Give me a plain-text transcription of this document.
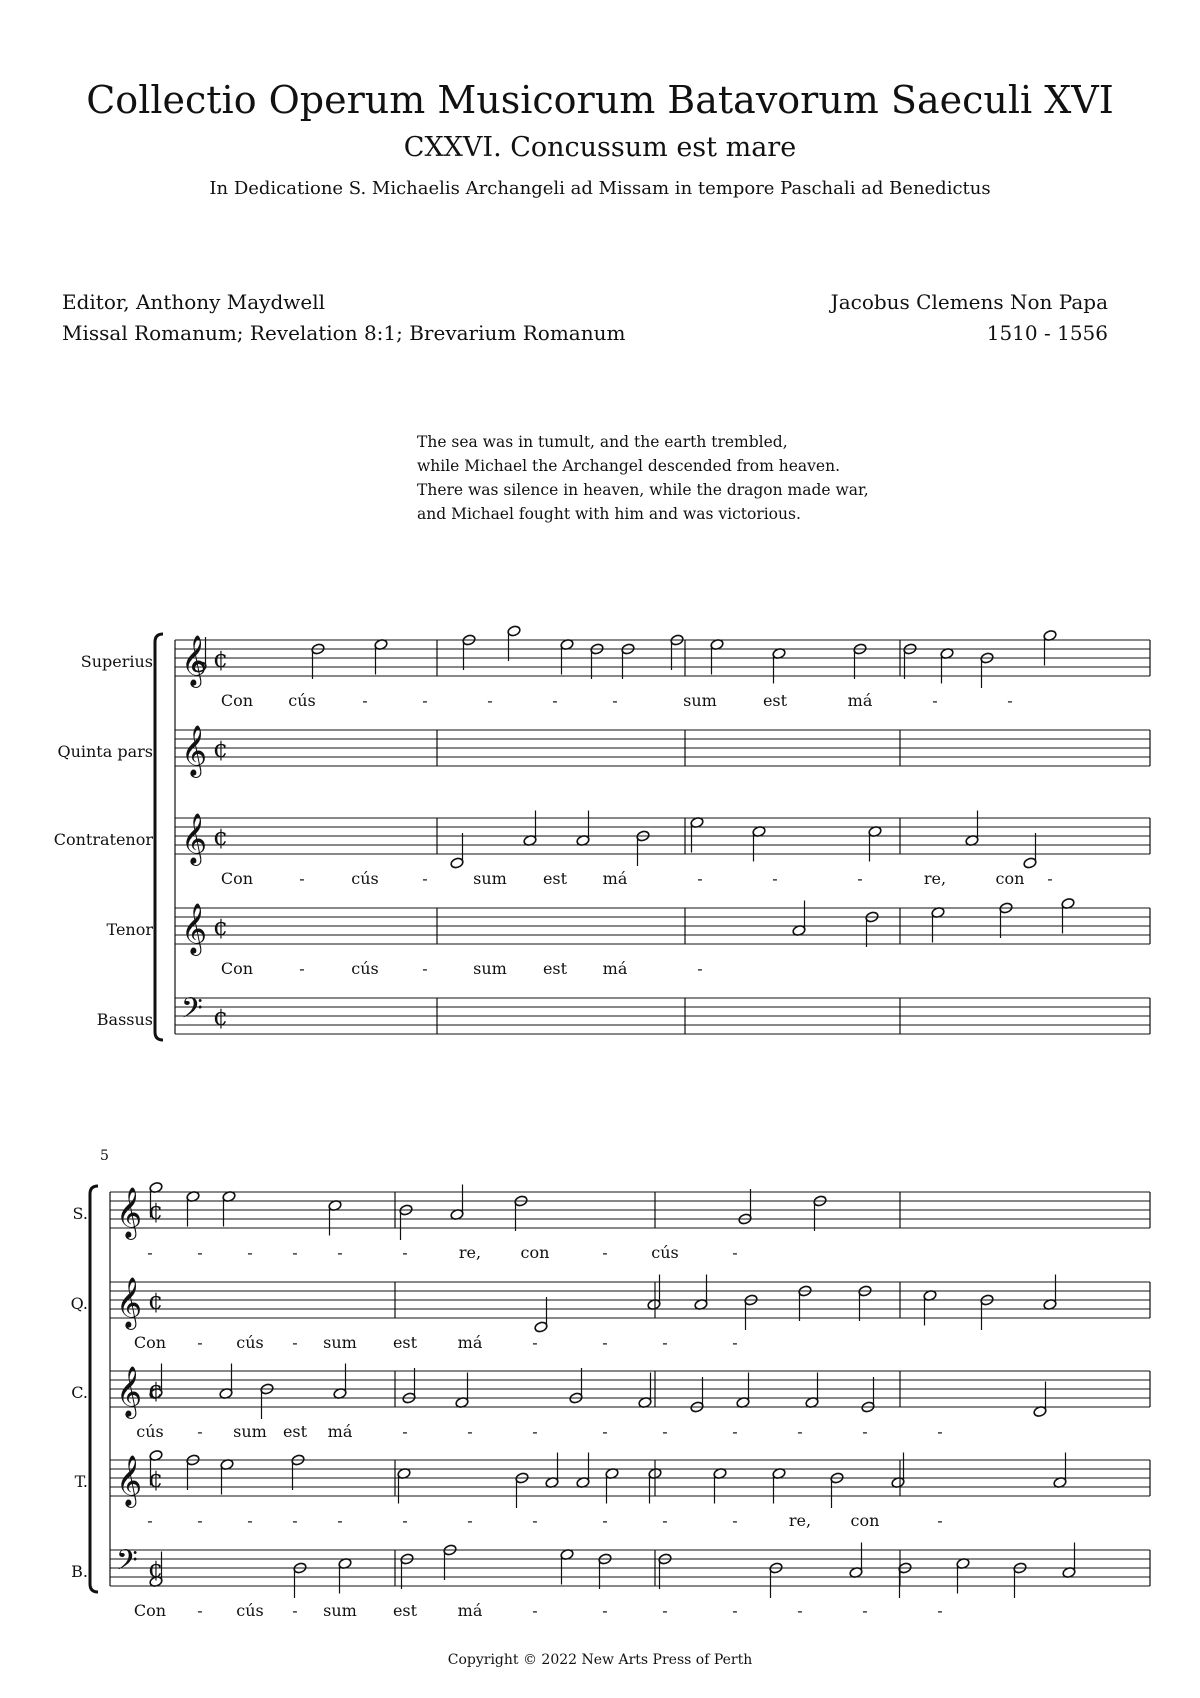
Collectio Operum Musicorum Batavorum Saeculi XVI
CXXVI. Concussum est mare
In Dedicatione S. Michaelis Archangeli ad Missam in tempore Paschali ad Benedictus
Editor, Anthony Maydwell
Missal Romanum; Revelation 8:1; Brevarium Romanum
Jacobus Clemens Non Papa
1510 - 1556
The sea was in tumult, and the earth trembled,
while Michael the Archangel descended from heaven.
There was silence in heaven, while the dragon made war,
and Michael fought with him and was victorious.
Superius 𝄞 ¢
Con cús	-	-	-	-	-	sum	est	má	-	-
Quinta pars 𝄞 ¢
Contratenor 𝄞 ¢
Con	-	cús	-	sum est má	-	-	-	re,	con -
Tenor 𝄞 ¢
Con	-	cús	-	sum est má	-
Bassus 𝄢 ¢
5
S. 𝄞 ¢
-	-	- - -	-	re, con	-	cús	-
Q. 𝄞 ¢
Con - cús - sum est	má	-	-	-	-
C. 𝄞 ¢
cús - sum est má	-	-	-	-	-	-	-	-	-
T. 𝄞 ¢
-	-	- - -	-	-	-	-	-	-	re, con	-
B. 𝄢 ¢
Con - cús - sum est	má	-	-	-	-	-	-	-
Copyright © 2022 New Arts Press of Perth
